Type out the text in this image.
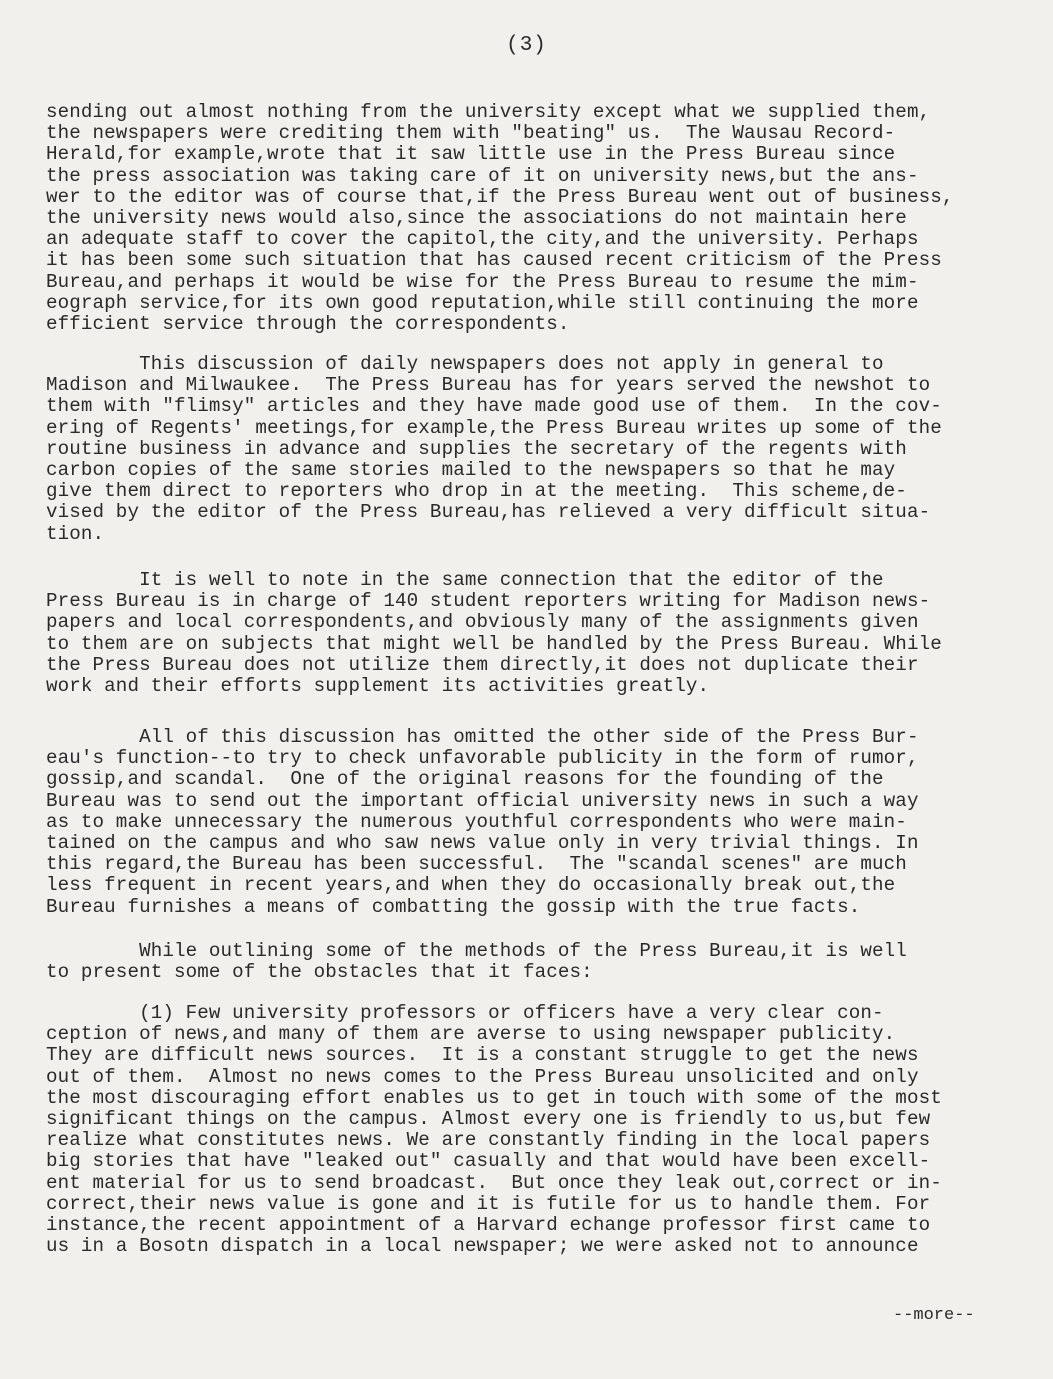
(3)
sending out almost nothing from the university except what we supplied them,
the newspapers were crediting them with "beating" us.  The Wausau Record-
Herald,for example,wrote that it saw little use in the Press Bureau since
the press association was taking care of it on university news,but the ans-
wer to the editor was of course that,if the Press Bureau went out of business,
the university news would also,since the associations do not maintain here
an adequate staff to cover the capitol,the city,and the university. Perhaps
it has been some such situation that has caused recent criticism of the Press
Bureau,and perhaps it would be wise for the Press Bureau to resume the mim-
eograph service,for its own good reputation,while still continuing the more
efficient service through the correspondents.
This discussion of daily newspapers does not apply in general to
Madison and Milwaukee.  The Press Bureau has for years served the newshot to
them with "flimsy" articles and they have made good use of them.  In the cov-
ering of Regents' meetings,for example,the Press Bureau writes up some of the
routine business in advance and supplies the secretary of the regents with
carbon copies of the same stories mailed to the newspapers so that he may
give them direct to reporters who drop in at the meeting.  This scheme,de-
vised by the editor of the Press Bureau,has relieved a very difficult situa-
tion.
It is well to note in the same connection that the editor of the
Press Bureau is in charge of 140 student reporters writing for Madison news-
papers and local correspondents,and obviously many of the assignments given
to them are on subjects that might well be handled by the Press Bureau. While
the Press Bureau does not utilize them directly,it does not duplicate their
work and their efforts supplement its activities greatly.
All of this discussion has omitted the other side of the Press Bur-
eau's function--to try to check unfavorable publicity in the form of rumor,
gossip,and scandal.  One of the original reasons for the founding of the
Bureau was to send out the important official university news in such a way
as to make unnecessary the numerous youthful correspondents who were main-
tained on the campus and who saw news value only in very trivial things. In
this regard,the Bureau has been successful.  The "scandal scenes" are much
less frequent in recent years,and when they do occasionally break out,the
Bureau furnishes a means of combatting the gossip with the true facts.
While outlining some of the methods of the Press Bureau,it is well
to present some of the obstacles that it faces:
(1) Few university professors or officers have a very clear con-
ception of news,and many of them are averse to using newspaper publicity.
They are difficult news sources.  It is a constant struggle to get the news
out of them.  Almost no news comes to the Press Bureau unsolicited and only
the most discouraging effort enables us to get in touch with some of the most
significant things on the campus. Almost every one is friendly to us,but few
realize what constitutes news. We are constantly finding in the local papers
big stories that have "leaked out" casually and that would have been excell-
ent material for us to send broadcast.  But once they leak out,correct or in-
correct,their news value is gone and it is futile for us to handle them. For
instance,the recent appointment of a Harvard echange professor first came to
us in a Bosotn dispatch in a local newspaper; we were asked not to announce
--more--
